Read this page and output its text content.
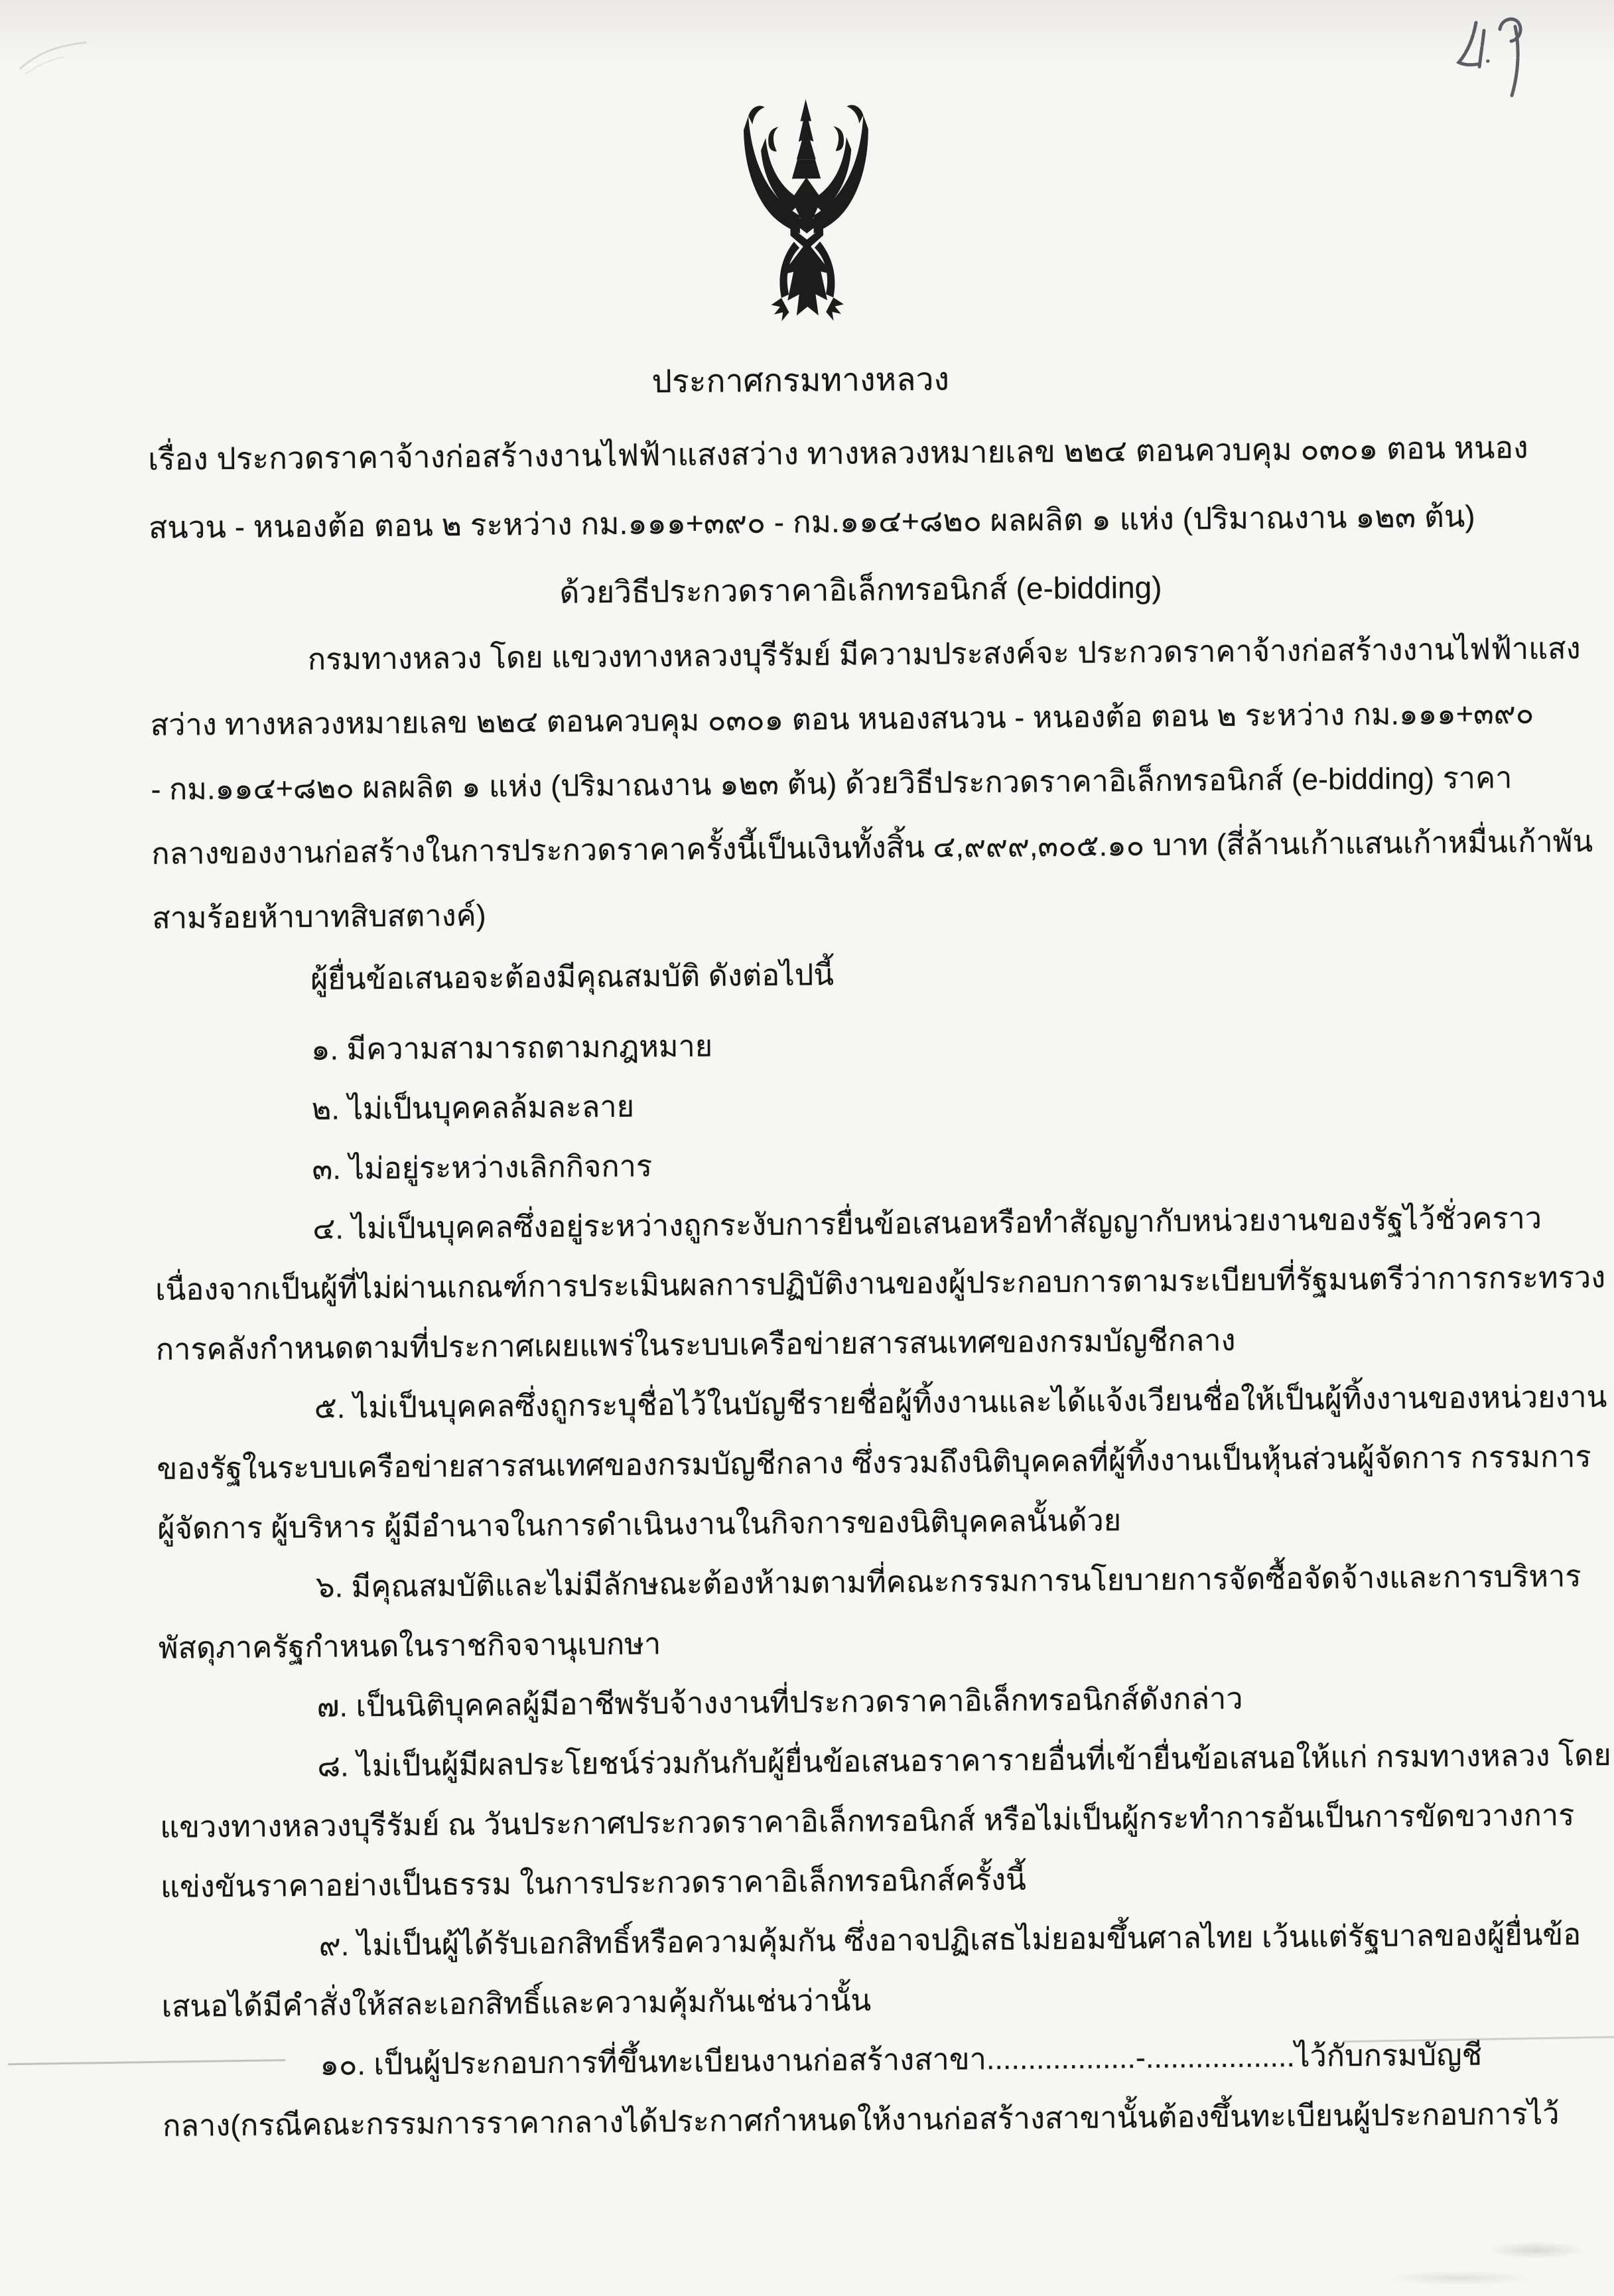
ประกาศกรมทางหลวง
เรื่อง ประกวดราคาจ้างก่อสร้างงานไฟฟ้าแสงสว่าง ทางหลวงหมายเลข ๒๒๔ ตอนควบคุม ๐๓๐๑ ตอน หนอง
สนวน - หนองต้อ ตอน ๒ ระหว่าง กม.๑๑๑+๓๙๐ - กม.๑๑๔+๘๒๐ ผลผลิต ๑ แห่ง (ปริมาณงาน ๑๒๓ ต้น)
ด้วยวิธีประกวดราคาอิเล็กทรอนิกส์ (e-bidding)
กรมทางหลวง โดย แขวงทางหลวงบุรีรัมย์ มีความประสงค์จะ ประกวดราคาจ้างก่อสร้างงานไฟฟ้าแสง
สว่าง ทางหลวงหมายเลข ๒๒๔ ตอนควบคุม ๐๓๐๑ ตอน หนองสนวน - หนองต้อ ตอน ๒ ระหว่าง กม.๑๑๑+๓๙๐
- กม.๑๑๔+๘๒๐ ผลผลิต ๑ แห่ง (ปริมาณงาน ๑๒๓ ต้น) ด้วยวิธีประกวดราคาอิเล็กทรอนิกส์ (e-bidding) ราคา
กลางของงานก่อสร้างในการประกวดราคาครั้งนี้เป็นเงินทั้งสิ้น ๔,๙๙๙,๓๐๕.๑๐ บาท (สี่ล้านเก้าแสนเก้าหมื่นเก้าพัน
สามร้อยห้าบาทสิบสตางค์)
ผู้ยื่นข้อเสนอจะต้องมีคุณสมบัติ ดังต่อไปนี้
๑. มีความสามารถตามกฎหมาย
๒. ไม่เป็นบุคคลล้มละลาย
๓. ไม่อยู่ระหว่างเลิกกิจการ
๔. ไม่เป็นบุคคลซึ่งอยู่ระหว่างถูกระงับการยื่นข้อเสนอหรือทำสัญญากับหน่วยงานของรัฐไว้ชั่วคราว
เนื่องจากเป็นผู้ที่ไม่ผ่านเกณฑ์การประเมินผลการปฏิบัติงานของผู้ประกอบการตามระเบียบที่รัฐมนตรีว่าการกระทรวง
การคลังกำหนดตามที่ประกาศเผยแพร่ในระบบเครือข่ายสารสนเทศของกรมบัญชีกลาง
๕. ไม่เป็นบุคคลซึ่งถูกระบุชื่อไว้ในบัญชีรายชื่อผู้ทิ้งงานและได้แจ้งเวียนชื่อให้เป็นผู้ทิ้งงานของหน่วยงาน
ของรัฐในระบบเครือข่ายสารสนเทศของกรมบัญชีกลาง ซึ่งรวมถึงนิติบุคคลที่ผู้ทิ้งงานเป็นหุ้นส่วนผู้จัดการ กรรมการ
ผู้จัดการ ผู้บริหาร ผู้มีอำนาจในการดำเนินงานในกิจการของนิติบุคคลนั้นด้วย
๖. มีคุณสมบัติและไม่มีลักษณะต้องห้ามตามที่คณะกรรมการนโยบายการจัดซื้อจัดจ้างและการบริหาร
พัสดุภาครัฐกำหนดในราชกิจจานุเบกษา
๗. เป็นนิติบุคคลผู้มีอาชีพรับจ้างงานที่ประกวดราคาอิเล็กทรอนิกส์ดังกล่าว
๘. ไม่เป็นผู้มีผลประโยชน์ร่วมกันกับผู้ยื่นข้อเสนอราคารายอื่นที่เข้ายื่นข้อเสนอให้แก่ กรมทางหลวง โดย
แขวงทางหลวงบุรีรัมย์ ณ วันประกาศประกวดราคาอิเล็กทรอนิกส์ หรือไม่เป็นผู้กระทำการอันเป็นการขัดขวางการ
แข่งขันราคาอย่างเป็นธรรม ในการประกวดราคาอิเล็กทรอนิกส์ครั้งนี้
๙. ไม่เป็นผู้ได้รับเอกสิทธิ์หรือความคุ้มกัน ซึ่งอาจปฏิเสธไม่ยอมขึ้นศาลไทย เว้นแต่รัฐบาลของผู้ยื่นข้อ
เสนอได้มีคำสั่งให้สละเอกสิทธิ์และความคุ้มกันเช่นว่านั้น
๑๐. เป็นผู้ประกอบการที่ขึ้นทะเบียนงานก่อสร้างสาขา..................-..................ไว้กับกรมบัญชี
กลาง(กรณีคณะกรรมการราคากลางได้ประกาศกำหนดให้งานก่อสร้างสาขานั้นต้องขึ้นทะเบียนผู้ประกอบการไว้
